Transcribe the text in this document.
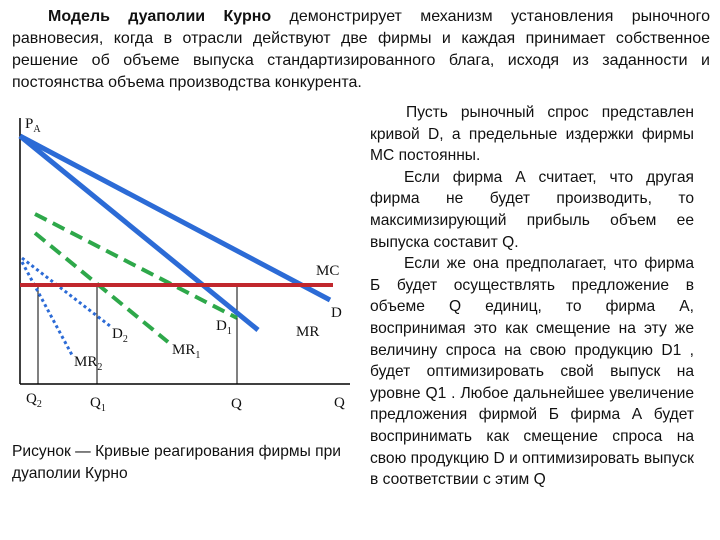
Модель дуаполии Курно демонстрирует механизм установления рыночного равновесия, когда в отрасли действуют две фирмы и каждая принимает собственное решение об объеме выпуска стандартизированного блага, исходя из заданности и постоянства объема производства конкурента.
$P_A$
MC
D
MR
$D_1$
$MR_1$
$D_2$
$MR_2$
$Q_2$	$Q_1$	Q	Q
Рисунок — Кривые реагирования фирмы при дуаполии Курно

Пусть рыночный спрос представлен кривой D, а предельные издержки фирмы MC постоянны.

Если фирма А считает, что другая фирма не будет производить, то максимизирующий прибыль объем ее выпуска составит Q.

Если же она предполагает, что фирма Б будет осуществлять предложение в объеме Q единиц, то фирма А, воспринимая это как смещение на эту же величину спроса на свою продукцию D1 , будет оптимизировать свой выпуск на уровне Q1 . Любое дальнейшее увеличение предложения фирмой Б фирма А будет воспринимать как смещение спроса на свою продукцию D и оптимизировать выпуск в соответствии с этим Q
